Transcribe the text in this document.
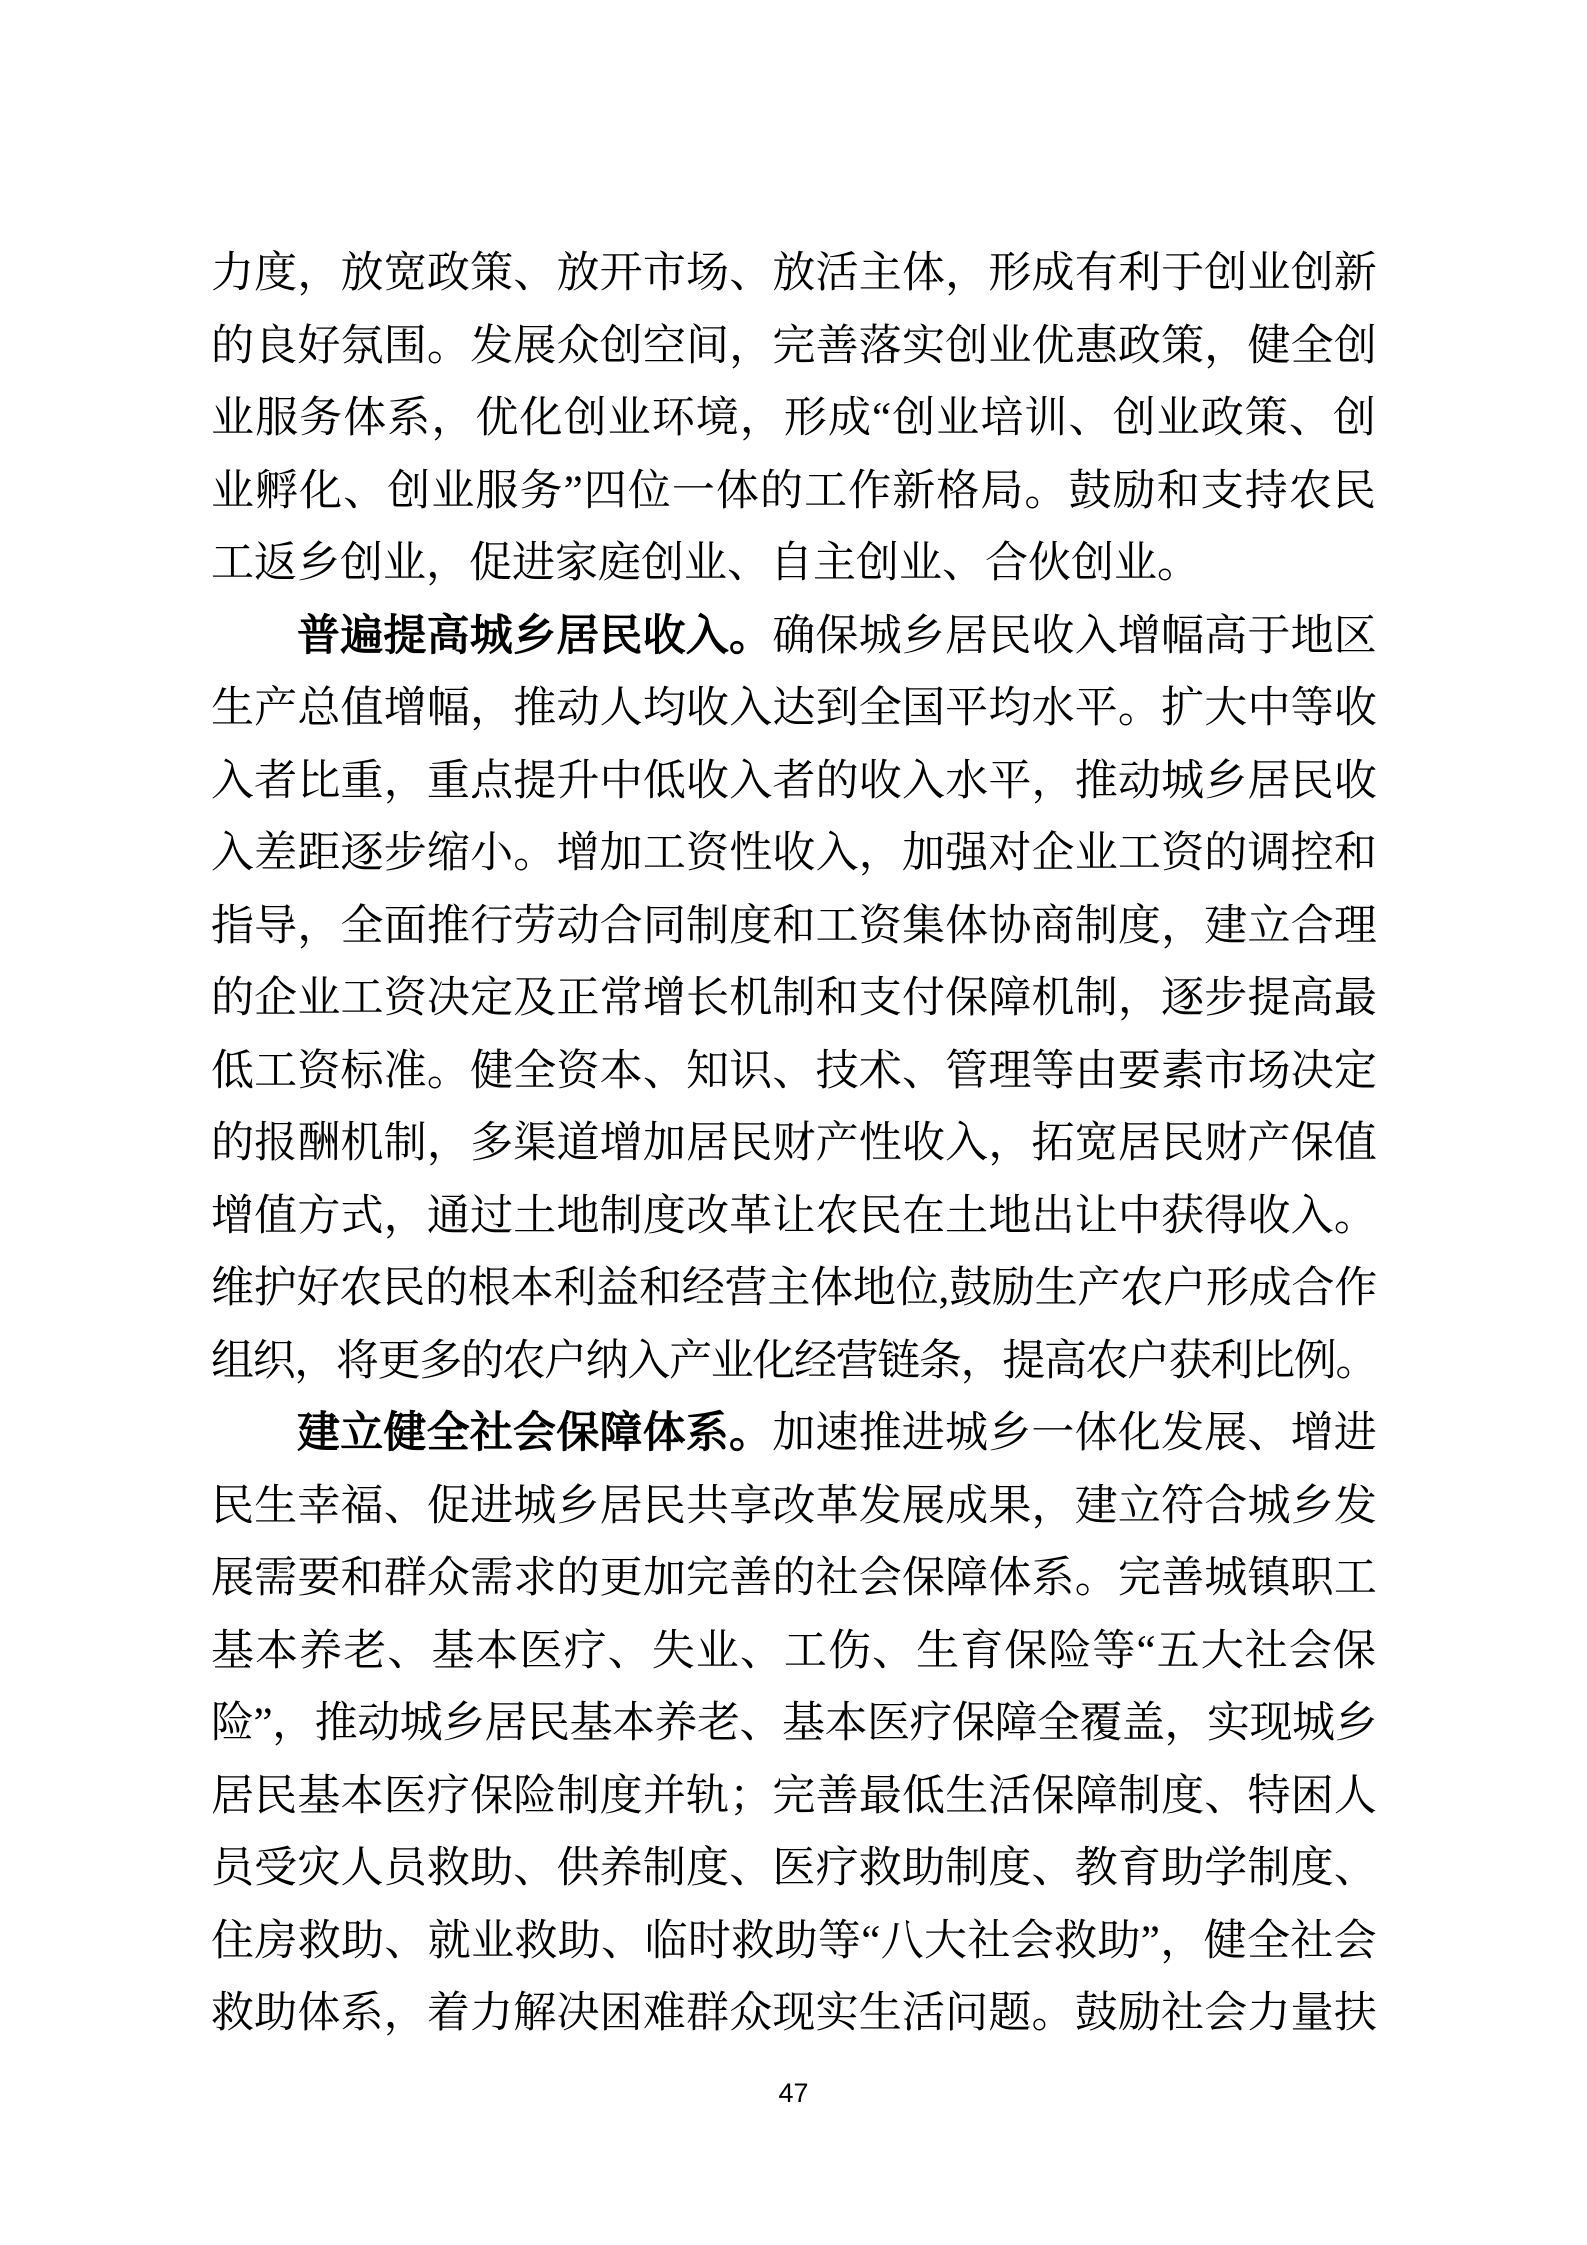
力度，放宽政策、放开市场、放活主体，形成有利于创业创新
的良好氛围。发展众创空间，完善落实创业优惠政策，健全创
业服务体系，优化创业环境，形成“创业培训、创业政策、创
业孵化、创业服务”四位一体的工作新格局。鼓励和支持农民
工返乡创业，促进家庭创业、自主创业、合伙创业。
普遍提高城乡居民收入。确保城乡居民收入增幅高于地区
生产总值增幅，推动人均收入达到全国平均水平。扩大中等收
入者比重，重点提升中低收入者的收入水平，推动城乡居民收
入差距逐步缩小。增加工资性收入，加强对企业工资的调控和
指导，全面推行劳动合同制度和工资集体协商制度，建立合理
的企业工资决定及正常增长机制和支付保障机制，逐步提高最
低工资标准。健全资本、知识、技术、管理等由要素市场决定
的报酬机制，多渠道增加居民财产性收入，拓宽居民财产保值
增值方式，通过土地制度改革让农民在土地出让中获得收入。
维护好农民的根本利益和经营主体地位,鼓励生产农户形成合作
组织，将更多的农户纳入产业化经营链条，提高农户获利比例。
建立健全社会保障体系。加速推进城乡一体化发展、增进
民生幸福、促进城乡居民共享改革发展成果，建立符合城乡发
展需要和群众需求的更加完善的社会保障体系。完善城镇职工
基本养老、基本医疗、失业、工伤、生育保险等“五大社会保
险”，推动城乡居民基本养老、基本医疗保障全覆盖，实现城乡
居民基本医疗保险制度并轨；完善最低生活保障制度、特困人
员受灾人员救助、供养制度、医疗救助制度、教育助学制度、
住房救助、就业救助、临时救助等“八大社会救助”，健全社会
救助体系，着力解决困难群众现实生活问题。鼓励社会力量扶
47
